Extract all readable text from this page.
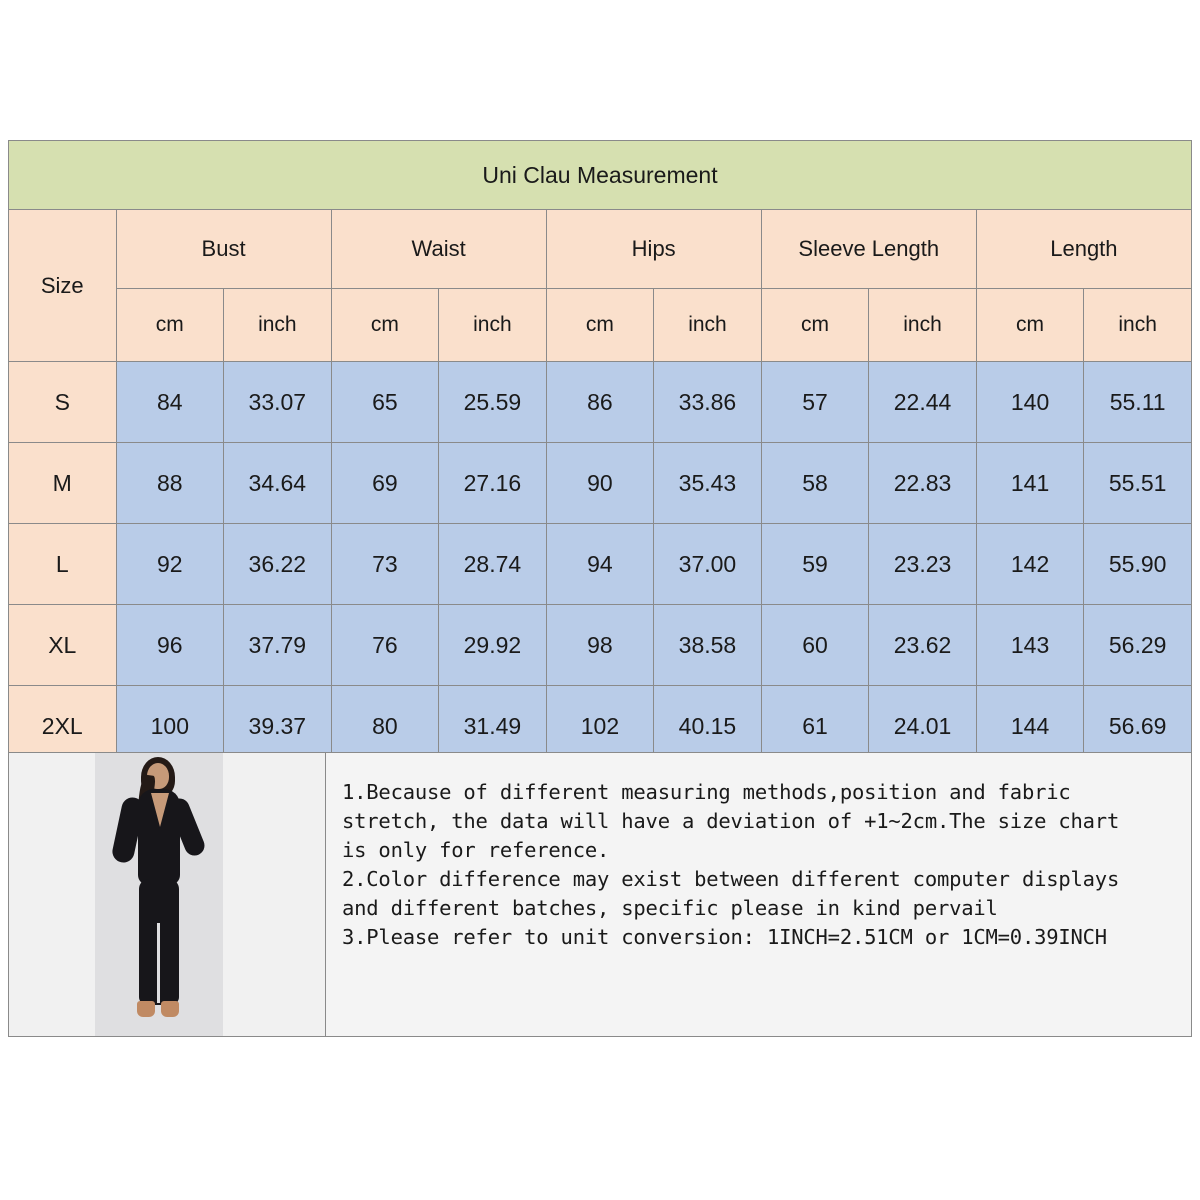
Uni Clau Measurement										
Size	Bust		Waist		Hips		Sleeve Length		Length	
	cm	inch	cm	inch	cm	inch	cm	inch	cm	inch
S	84	33.07	65	25.59	86	33.86	57	22.44	140	55.11
M	88	34.64	69	27.16	90	35.43	58	22.83	141	55.51
L	92	36.22	73	28.74	94	37.00	59	23.23	142	55.90
XL	96	37.79	76	29.92	98	38.58	60	23.62	143	56.29
2XL	100	39.37	80	31.49	102	40.15	61	24.01	144	56.69

1.Because of different measuring methods,position and fabric

stretch, the data will have a deviation of +1~2cm.The size chart

is only for reference.

2.Color difference may exist between different computer displays

and different batches, specific please in kind pervail

3.Please refer to unit conversion: 1INCH=2.51CM or 1CM=0.39INCH
